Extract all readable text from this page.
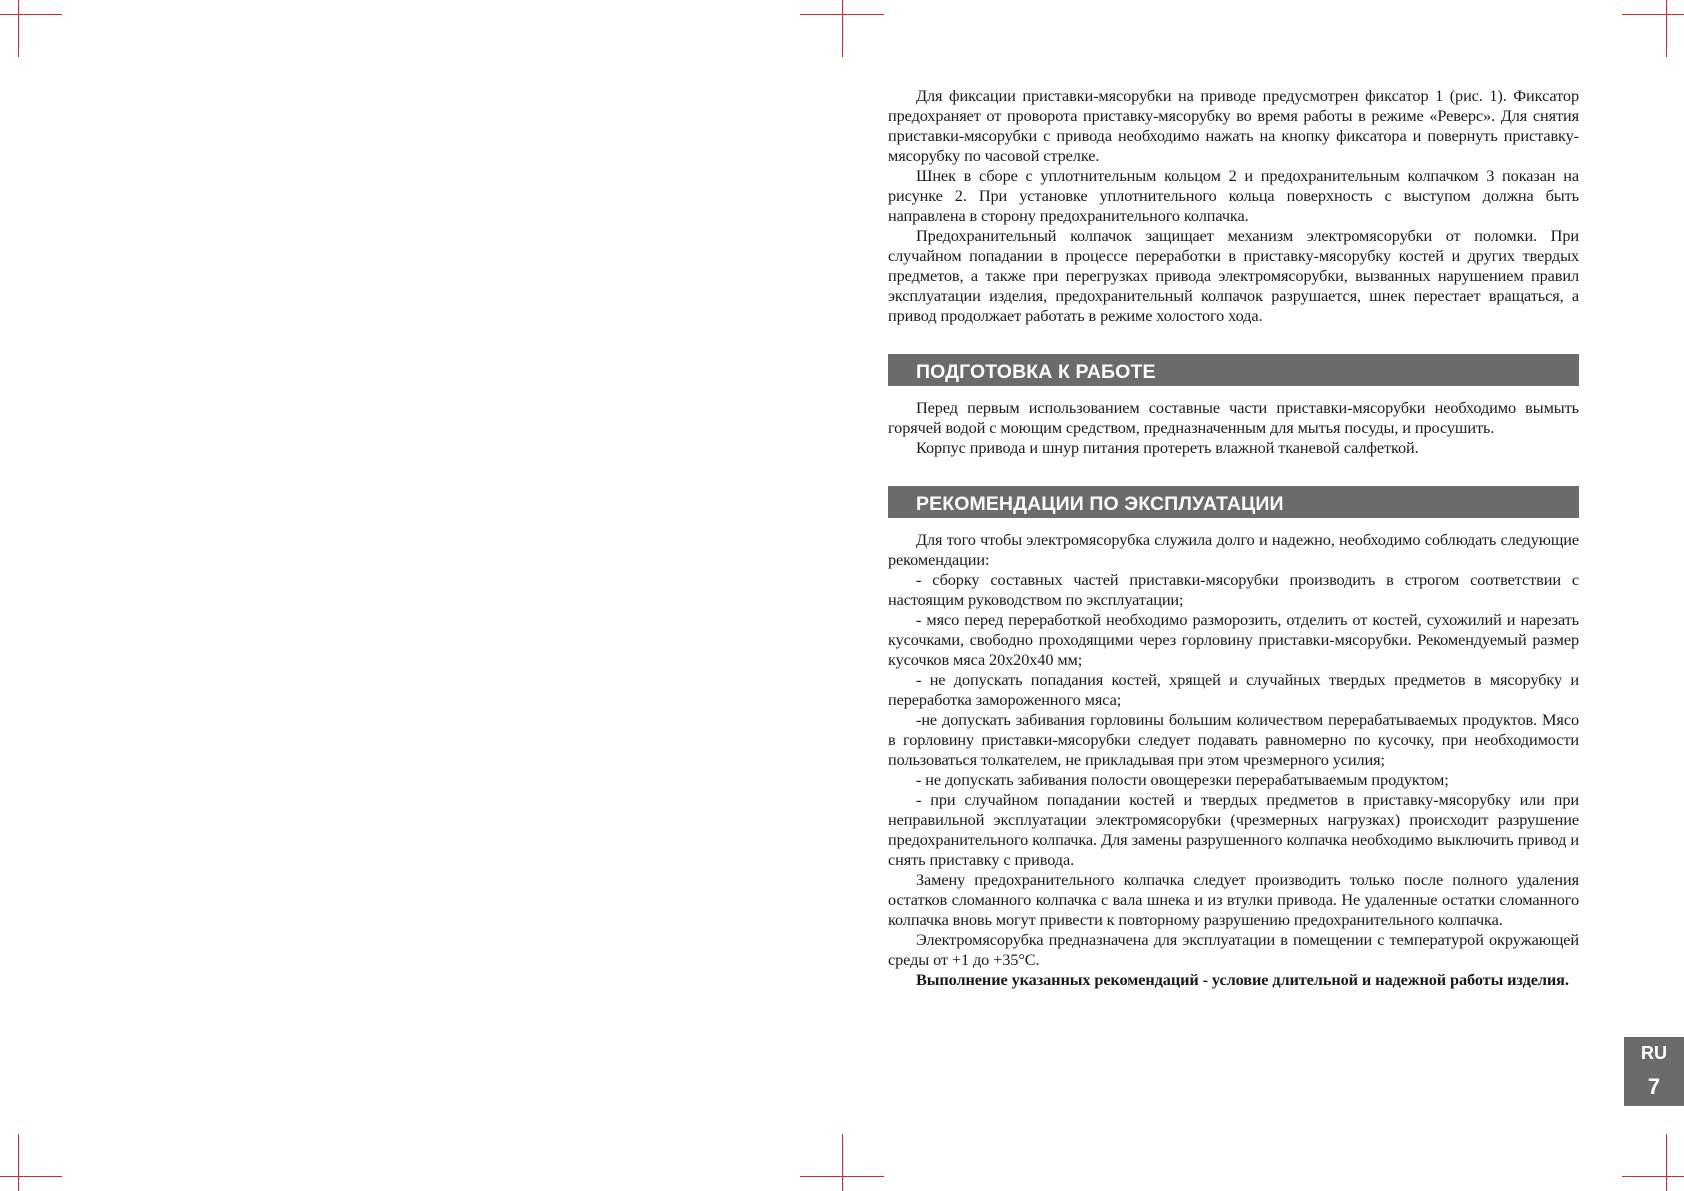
Для фиксации приставки-мясорубки на приводе предусмотрен фиксатор 1 (рис. 1). Фиксатор предохраняет от проворота приставку-мясорубку во время работы в режиме «Реверс». Для снятия приставки-мясорубки с привода необходимо нажать на кнопку фиксатора и повернуть приставку-мясорубку по часовой стрелке.

Шнек в сборе с уплотнительным кольцом 2 и предохранительным колпачком 3 показан на рисунке 2. При установке уплотнительного кольца поверхность с выступом должна быть направлена в сторону предохранительного колпачка.

Предохранительный колпачок защищает механизм электромясорубки от поломки. При случайном попадании в процессе переработки в приставку-мясорубку костей и других твердых предметов, а также при перегрузках привода электромясорубки, вызванных нарушением правил эксплуатации изделия, предохранительный колпачок разрушается, шнек перестает вращаться, а привод продолжает работать в режиме холостого хода.

ПОДГОТОВКА К РАБОТЕ

Перед первым использованием составные части приставки-мясорубки необходимо вымыть горячей водой с моющим средством, предназначенным для мытья посуды, и просушить.

Корпус привода и шнур питания протереть влажной тканевой салфеткой.

РЕКОМЕНДАЦИИ ПО ЭКСПЛУАТАЦИИ

Для того чтобы электромясорубка служила долго и надежно, необходимо соблюдать следующие рекомендации:

- сборку составных частей приставки-мясорубки производить в строгом соответствии с настоящим руководством по эксплуатации;

- мясо перед переработкой необходимо разморозить, отделить от костей, сухожилий и нарезать кусочками, свободно проходящими через горловину приставки-мясорубки. Рекомендуемый размер кусочков мяса 20х20х40 мм;

- не допускать попадания костей, хрящей и случайных твердых предметов в мясорубку и переработка замороженного мяса;

-не допускать забивания горловины большим количеством перерабатываемых продуктов. Мясо в горловину приставки-мясорубки следует подавать равномерно по кусочку, при необходимости пользоваться толкателем, не прикладывая при этом чрезмерного усилия;

- не допускать забивания полости овощерезки перерабатываемым продуктом;

- при случайном попадании костей и твердых предметов в приставку-мясорубку или при неправильной эксплуатации электромясорубки (чрезмерных нагрузках) происходит разрушение предохранительного колпачка. Для замены разрушенного колпачка необходимо выключить привод и снять приставку с привода.

Замену предохранительного колпачка следует производить только после полного удаления остатков сломанного колпачка с вала шнека и из втулки привода. Не удаленные остатки сломанного колпачка вновь могут привести к повторному разрушению предохранительного колпачка.

Электромясорубка предназначена для эксплуатации в помещении с температурой окружающей среды от +1 до +35°С.

Выполнение указанных рекомендаций - условие длительной и надежной работы изделия.

RU
7
